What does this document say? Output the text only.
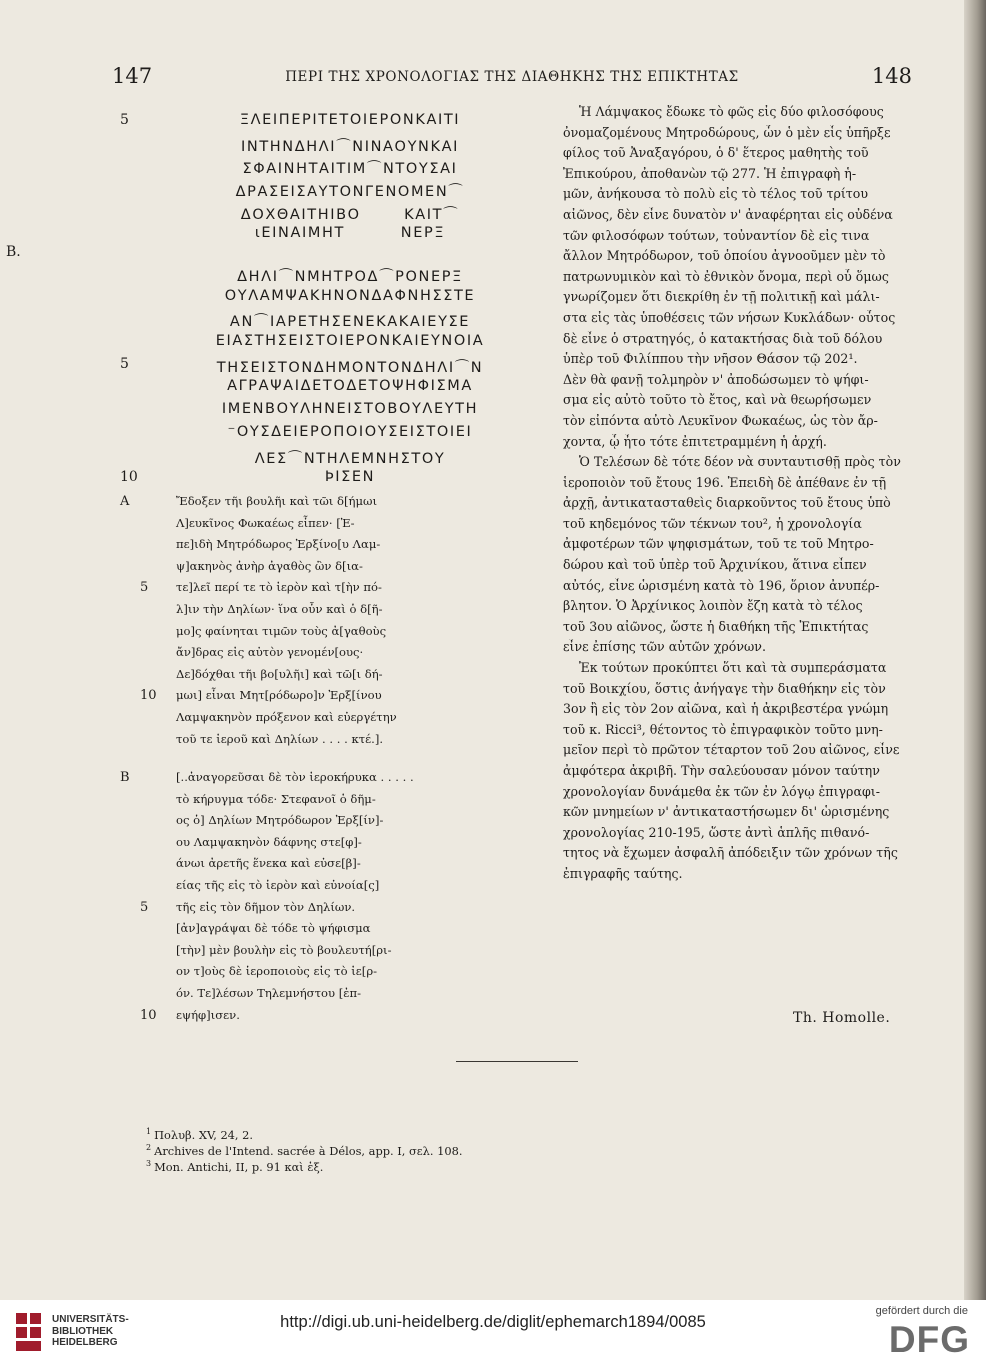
147	ΠΕΡΙ ΤΗΣ ΧΡΟΝΟΛΟΓΙΑΣ ΤΗΣ ΔΙΑΘΗΚΗΣ ΤΗΣ ΕΠΙΚΤΗΤΑΣ	148
5	ΞΛΕΙΠΕΡΙΤΕΤΟΙΕΡΟΝΚΑΙΤΙ
ΙΝΤΗΝΔΗΛΙ⌒ΝΙΝΑΟΥΝΚΑΙ
ΣΦΑΙΝΗΤΑΙΤΙΜ⌒ΝΤΟΥΣΑΙ
ΔΡΑΣΕΙΣΑΥΤΟΝΓΕΝΟΜΕΝ⌒
ΔΟΧΘΑΙΤΗΙΒΟ       ΚΑΙΤ⌒
ιΕΙΝΑΙΜΗΤ         ΝΕΡΞ
Β.
ΔΗΛΙ⌒ΝΜΗΤΡΟΔ⌒ΡΟΝΕΡΞ
ΟΥΛΑΜΨΑΚΗΝΟΝΔΑΦΝΗΣΣΤΕ
ΑΝ⌒ΙΑΡΕΤΗΣΕΝΕΚΑΚΑΙΕΥΣΕ
ΕΙΑΣΤΗΣΕΙΣΤΟΙΕΡΟΝΚΑΙΕΥΝΟΙΑ
5	ΤΗΣΕΙΣΤΟΝΔΗΜΟΝΤΟΝΔΗΛΙ⌒Ν
ΑΓΡΑΨΑΙΔΕΤΟΔΕΤΟΨΗΦΙΣΜΑ
ΙΜΕΝΒΟΥΛΗΝΕΙΣΤΟΒΟΥΛΕΥΤΗ
⁻ΟΥΣΔΕΙΕΡΟΠΟΙΟΥΣΕΙΣΤΟΙΕΙ
ΛΕΣ⌒ΝΤΗΛΕΜΝΗΣΤΟΥ
10	ÞΙΣΕΝ
Α	Ἔδοξεν τῆι βουλῆι καὶ τῶι δ[ήμωι
Λ]ευκῖνος Φωκαέως εἶπεν· [Ἐ-
πε]ιδὴ Μητρόδωρος Ἐρξίνο[υ Λαμ-
ψ]ακηνὸς ἀνὴρ ἀγαθὸς ὢν δ[ια-
5 τε]λεῖ περί τε τὸ ἱερὸν καὶ τ[ὴν πό-
λ]ιν τὴν Δηλίων· ἵνα οὖν καὶ ὁ δ[ῆ-
μο]ς φαίνηται τιμῶν τοὺς ἀ[γαθοὺς
ἄν]δρας εἰς αὐτὸν γενομέν[ους·
Δε]δόχθαι τῆι βο[υλῆι] καὶ τῶ[ι δή-
10 μωι] εἶναι Μητ[ρόδωρο]ν Ἐρξ[ίνου
Λαμψακηνὸν πρόξενον καὶ εὐεργέτην
τοῦ τε ἱεροῦ καὶ Δηλίων . . . . κτέ.].
Β	[..ἀναγορεῦσαι δὲ τὸν ἱεροκήρυκα . . . . .
τὸ κήρυγμα τόδε· Στεφανοῖ ὁ δῆμ-
ος ὁ] Δηλίων Μητρόδωρον Ἐρξ[ίν]-
ου Λαμψακηνὸν δάφνης στε[φ]-
άνωι ἀρετῆς ἕνεκα καὶ εὐσε[β]-
είας τῆς εἰς τὸ ἱερὸν καὶ εὐνοία[ς]
5 τῆς εἰς τὸν δῆμον τὸν Δηλίων.
[ἀν]αγράψαι δὲ τόδε τὸ ψήφισμα
[τὴν] μὲν βουλὴν εἰς τὸ βουλευτή[ρι-
ον τ]οὺς δὲ ἱεροποιοὺς εἰς τὸ ἱε[ρ-
όν. Τε]λέσων Τηλεμνήστου [ἐπ-
10 εψήφ]ισεν.
Ἡ Λάμψακος ἔδωκε τὸ φῶς εἰς δύο φιλοσόφους
ὀνομαζομένους Μητροδώρους, ὧν ὁ μὲν εἷς ὑπῆρξε
φίλος τοῦ Ἀναξαγόρου, ὁ δ' ἕτερος μαθητὴς τοῦ
Ἐπικούρου, ἀποθανὼν τῷ 277. Ἡ ἐπιγραφὴ ἡ-
μῶν, ἀνήκουσα τὸ πολὺ εἰς τὸ τέλος τοῦ τρίτου
αἰῶνος, δὲν εἶνε δυνατὸν ν' ἀναφέρηται εἰς οὐδένα
τῶν φιλοσόφων τούτων, τοὐναντίον δὲ εἰς τινα
ἄλλον Μητρόδωρον, τοῦ ὁποίου ἀγνοοῦμεν μὲν τὸ
πατρωνυμικὸν καὶ τὸ ἐθνικὸν ὄνομα, περὶ οὗ ὅμως
γνωρίζομεν ὅτι διεκρίθη ἐν τῇ πολιτικῇ καὶ μάλι-
στα εἰς τὰς ὑποθέσεις τῶν νήσων Κυκλάδων· οὗτος
δὲ εἶνε ὁ στρατηγός, ὁ κατακτήσας διὰ τοῦ δόλου
ὑπὲρ τοῦ Φιλίππου τὴν νῆσον Θάσον τῷ 202¹.
Δὲν θὰ φανῇ τολμηρὸν ν' ἀποδώσωμεν τὸ ψήφι-
σμα εἰς αὐτὸ τοῦτο τὸ ἔτος, καὶ νὰ θεωρήσωμεν
τὸν εἰπόντα αὐτὸ Λευκῖνον Φωκαέως, ὡς τὸν ἄρ-
χοντα, ᾧ ἦτο τότε ἐπιτετραμμένη ἡ ἀρχή.
Ὁ Τελέσων δὲ τότε δέον νὰ συνταυτισθῇ πρὸς τὸν
ἱεροποιὸν τοῦ ἔτους 196. Ἐπειδὴ δὲ ἀπέθανε ἐν τῇ
ἀρχῇ, ἀντικατασταθεὶς διαρκοῦντος τοῦ ἔτους ὑπὸ
τοῦ κηδεμόνος τῶν τέκνων του², ἡ χρονολογία
ἀμφοτέρων τῶν ψηφισμάτων, τοῦ τε τοῦ Μητρο-
δώρου καὶ τοῦ ὑπὲρ τοῦ Ἀρχινίκου, ἅτινα εἶπεν
αὐτός, εἶνε ὡρισμένη κατὰ τὸ 196, ὅριον ἀνυπέρ-
βλητον. Ὁ Ἀρχίνικος λοιπὸν ἔζη κατὰ τὸ τέλος
τοῦ 3ου αἰῶνος, ὥστε ἡ διαθήκη τῆς Ἐπικτήτας
εἶνε ἐπίσης τῶν αὐτῶν χρόνων.
Ἐκ τούτων προκύπτει ὅτι καὶ τὰ συμπεράσματα
τοῦ Βοικχίου, ὅστις ἀνήγαγε τὴν διαθήκην εἰς τὸν
3ον ἢ εἰς τὸν 2ον αἰῶνα, καὶ ἡ ἀκριβεστέρα γνώμη
τοῦ κ. Ricci³, θέτοντος τὸ ἐπιγραφικὸν τοῦτο μνη-
μεῖον περὶ τὸ πρῶτον τέταρτον τοῦ 2ου αἰῶνος, εἶνε
ἀμφότερα ἀκριβῆ. Τὴν σαλεύουσαν μόνον ταύτην
χρονολογίαν δυνάμεθα ἐκ τῶν ἐν λόγῳ ἐπιγραφι-
κῶν μνημείων ν' ἀντικαταστήσωμεν δι' ὡρισμένης
χρονολογίας 210-195, ὥστε ἀντὶ ἁπλῆς πιθανό-
τητος νὰ ἔχωμεν ἀσφαλῆ ἀπόδειξιν τῶν χρόνων τῆς
ἐπιγραφῆς ταύτης.
Th. Homolle.
$^1$ Πολυβ. XV, 24, 2.
$^2$ Archives de l'Intend. sacrée à Délos, app. I, σελ. 108.
$^3$ Mon. Antichi, II, p. 91 καὶ ἑξ.
UNIVERSITÄTS-
BIBLIOTHEK
HEIDELBERG
http://digi.ub.uni-heidelberg.de/diglit/ephemarch1894/0085
gefördert durch die
DFG
